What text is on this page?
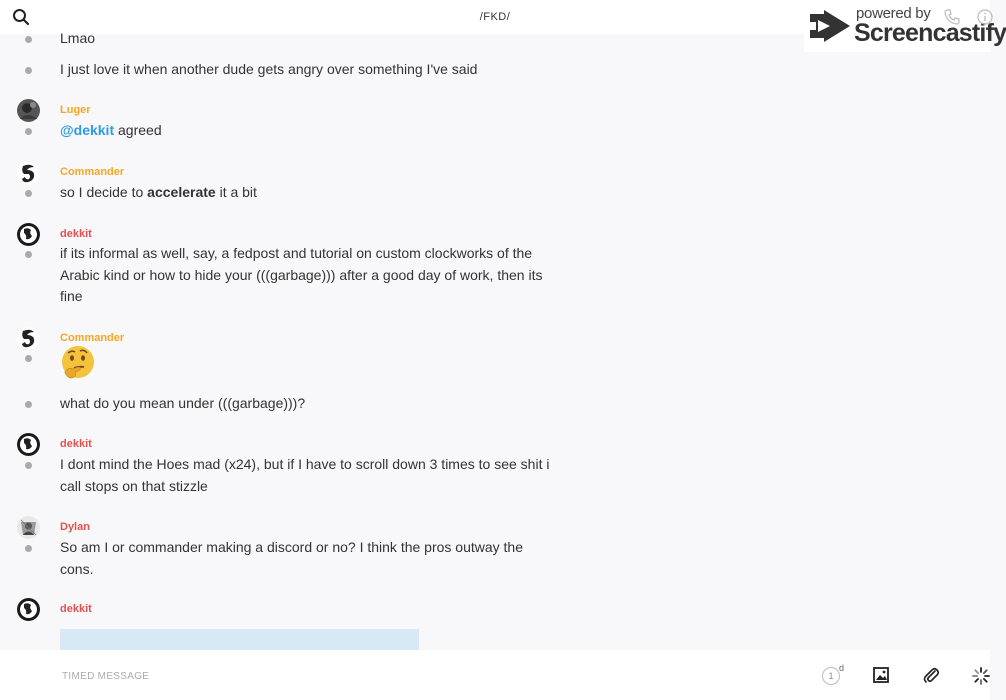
/FKD/	powered by
Screencastify
Lmao
I just love it when another dude gets angry over something I've said
Luger
@dekkit agreed
Commander
so I decide to accelerate it a bit
dekkit
if its informal as well, say, a fedpost and tutorial on custom clockworks of the Arabic kind or how to hide your (((garbage))) after a good day of work, then its fine
Commander
what do you mean under (((garbage)))?
dekkit
I dont mind the Hoes mad (x24), but if I have to scroll down 3 times to see shit i call stops on that stizzle
Dylan
So am I or commander making a discord or no? I think the pros outway the cons.
dekkit
TIMED MESSAGE
1
d
